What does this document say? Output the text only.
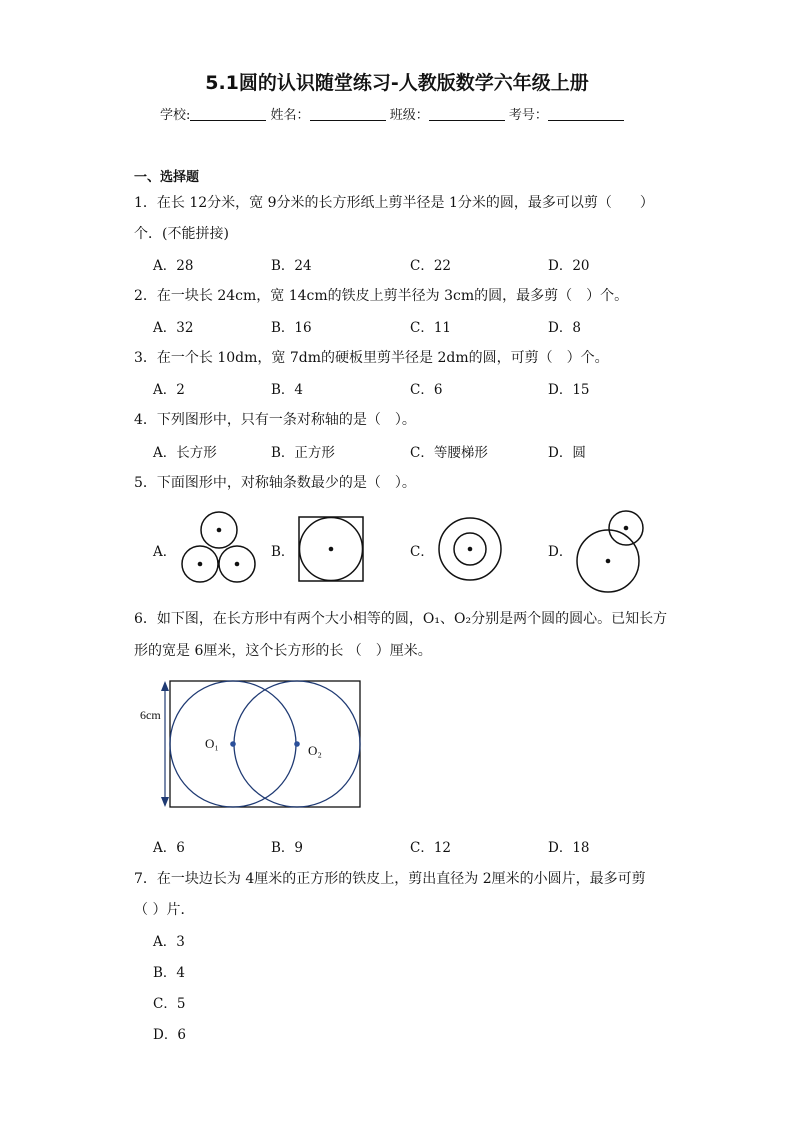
5.1圆的认识随堂练习-人教版数学六年级上册
学校:	姓名：	班级：	考号：
一、选择题
1．在长 12分米，宽 9分米的长方形纸上剪半径是 1分米的圆，最多可以剪（　　）
个．(不能拼接)
A．28	B．24	C．22	D．20
2．在一块长 24cm，宽 14cm的铁皮上剪半径为 3cm的圆，最多剪（　）个。
A．32	B．16	C．11	D．8
3．在一个长 10dm，宽 7dm的硬板里剪半径是 2dm的圆，可剪（　）个。
A．2	B．4	C．6	D．15
4．下列图形中，只有一条对称轴的是（　）。
A．长方形	B．正方形	C．等腰梯形	D．圆
5．下面图形中，对称轴条数最少的是（　）。
A．	B．	C．	D．
6．如下图，在长方形中有两个大小相等的圆，O₁、O₂分别是两个圆的圆心。已知长方
形的宽是 6厘米，这个长方形的长 （　）厘米。
6cm
O₁	O₂
A．6	B．9	C．12	D．18
7．在一块边长为 4厘米的正方形的铁皮上，剪出直径为 2厘米的小圆片，最多可剪
（ ）片．
A．3
B．4
C．5
D．6
